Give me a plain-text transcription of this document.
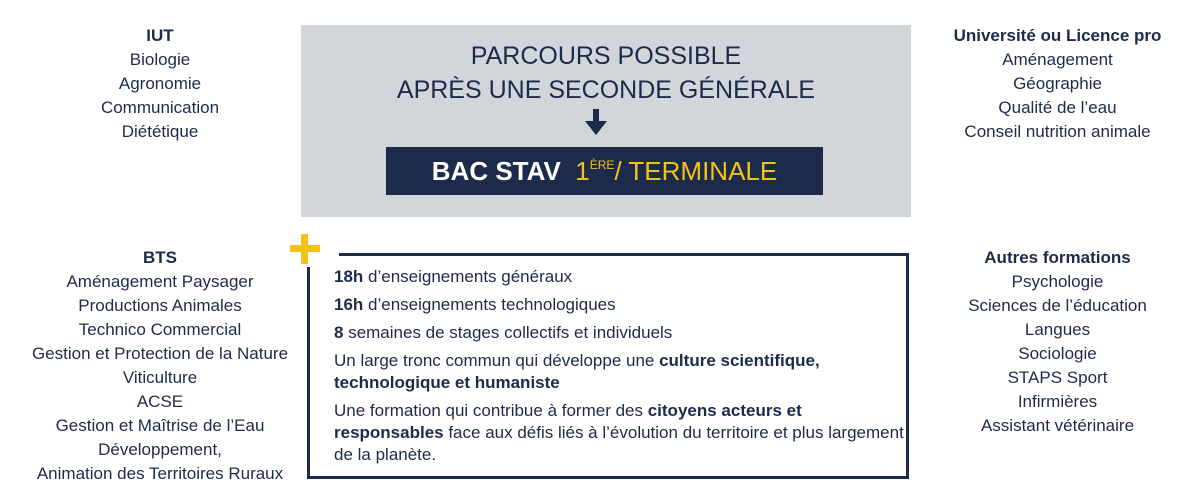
IUT
Biologie
Agronomie
Communication
Diététique
Université ou Licence pro
Aménagement
Géographie
Qualité de l’eau
Conseil nutrition animale
BTS
Aménagement Paysager
Productions Animales
Technico Commercial
Gestion et Protection de la Nature
Viticulture
ACSE
Gestion et Maîtrise de l’Eau
Développement,
Animation des Territoires Ruraux
Autres formations
Psychologie
Sciences de l’éducation
Langues
Sociologie
STAPS Sport
Infirmières
Assistant vétérinaire
PARCOURS POSSIBLE
APRÈS UNE SECONDE GÉNÉRALE
BAC STAV 1ÈRE/ TERMINALE

18h d’enseignements généraux

16h d’enseignements technologiques

8 semaines de stages collectifs et individuels

Un large tronc commun qui développe une culture scientifique, technologique et humaniste

Une formation qui contribue à former des citoyens acteurs et responsables face aux défis liés à l’évolution du territoire et plus largement de la planète.
